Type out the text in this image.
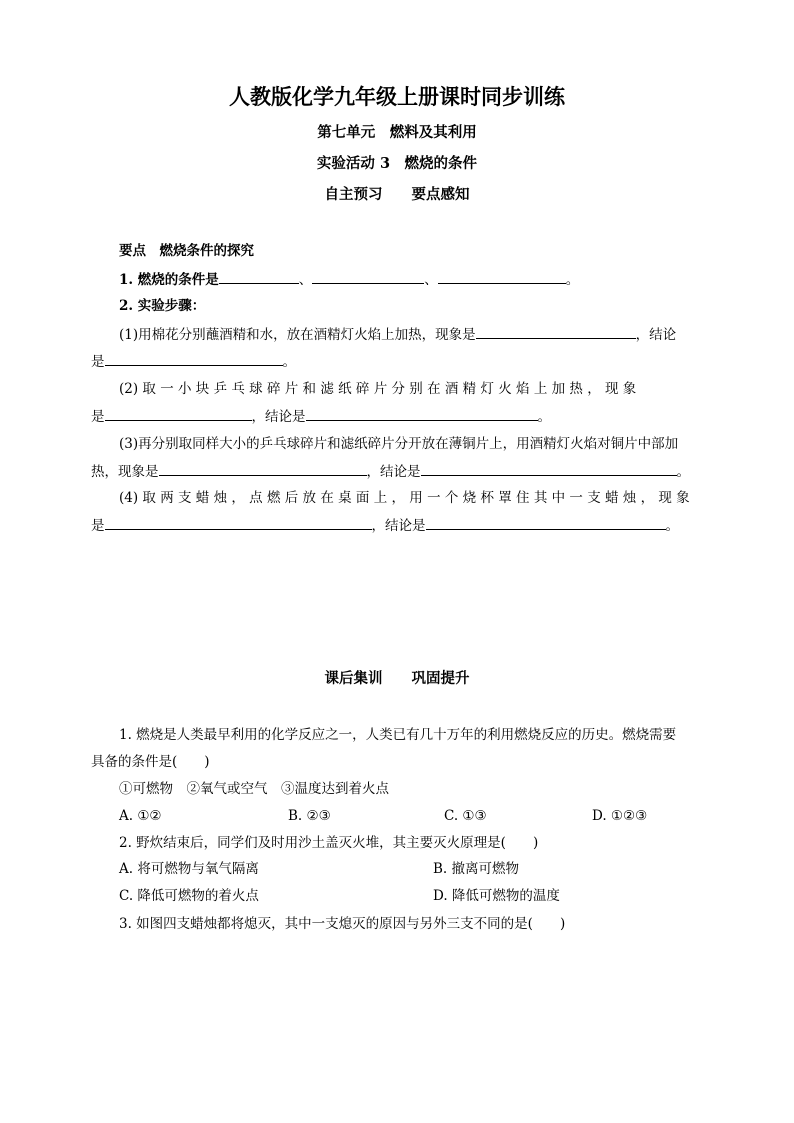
人教版化学九年级上册课时同步训练
第七单元　燃料及其利用
实验活动 3　燃烧的条件
自主预习　　要点感知
要点　燃烧条件的探究
1. 燃烧的条件是	、	、	。
2. 实验步骤：
(1)用棉花分别蘸酒精和水，放在酒精灯火焰上加热，现象是	，结论
是	。
(2) 取 一 小 块 乒 乓 球 碎 片 和 滤 纸 碎 片 分 别 在 酒 精 灯 火 焰 上 加 热 ， 现 象
是	，结论是	。
(3)再分别取同样大小的乒乓球碎片和滤纸碎片分开放在薄铜片上，用酒精灯火焰对铜片中部加
热，现象是	，结论是	。
(4) 取 两 支 蜡 烛 ， 点 燃 后 放 在 桌 面 上 ， 用 一 个 烧 杯 罩 住 其 中 一 支 蜡 烛 ， 现 象
是	，结论是	。
课后集训　　巩固提升
1. 燃烧是人类最早利用的化学反应之一，人类已有几十万年的利用燃烧反应的历史。燃烧需要
具备的条件是(　　)
①可燃物　②氧气或空气　③温度达到着火点
A. ①②	B. ②③	C. ①③	D. ①②③
2. 野炊结束后，同学们及时用沙土盖灭火堆，其主要灭火原理是(　　)
A. 将可燃物与氧气隔离	B. 撤离可燃物
C. 降低可燃物的着火点	D. 降低可燃物的温度
3. 如图四支蜡烛都将熄灭，其中一支熄灭的原因与另外三支不同的是(　　)
